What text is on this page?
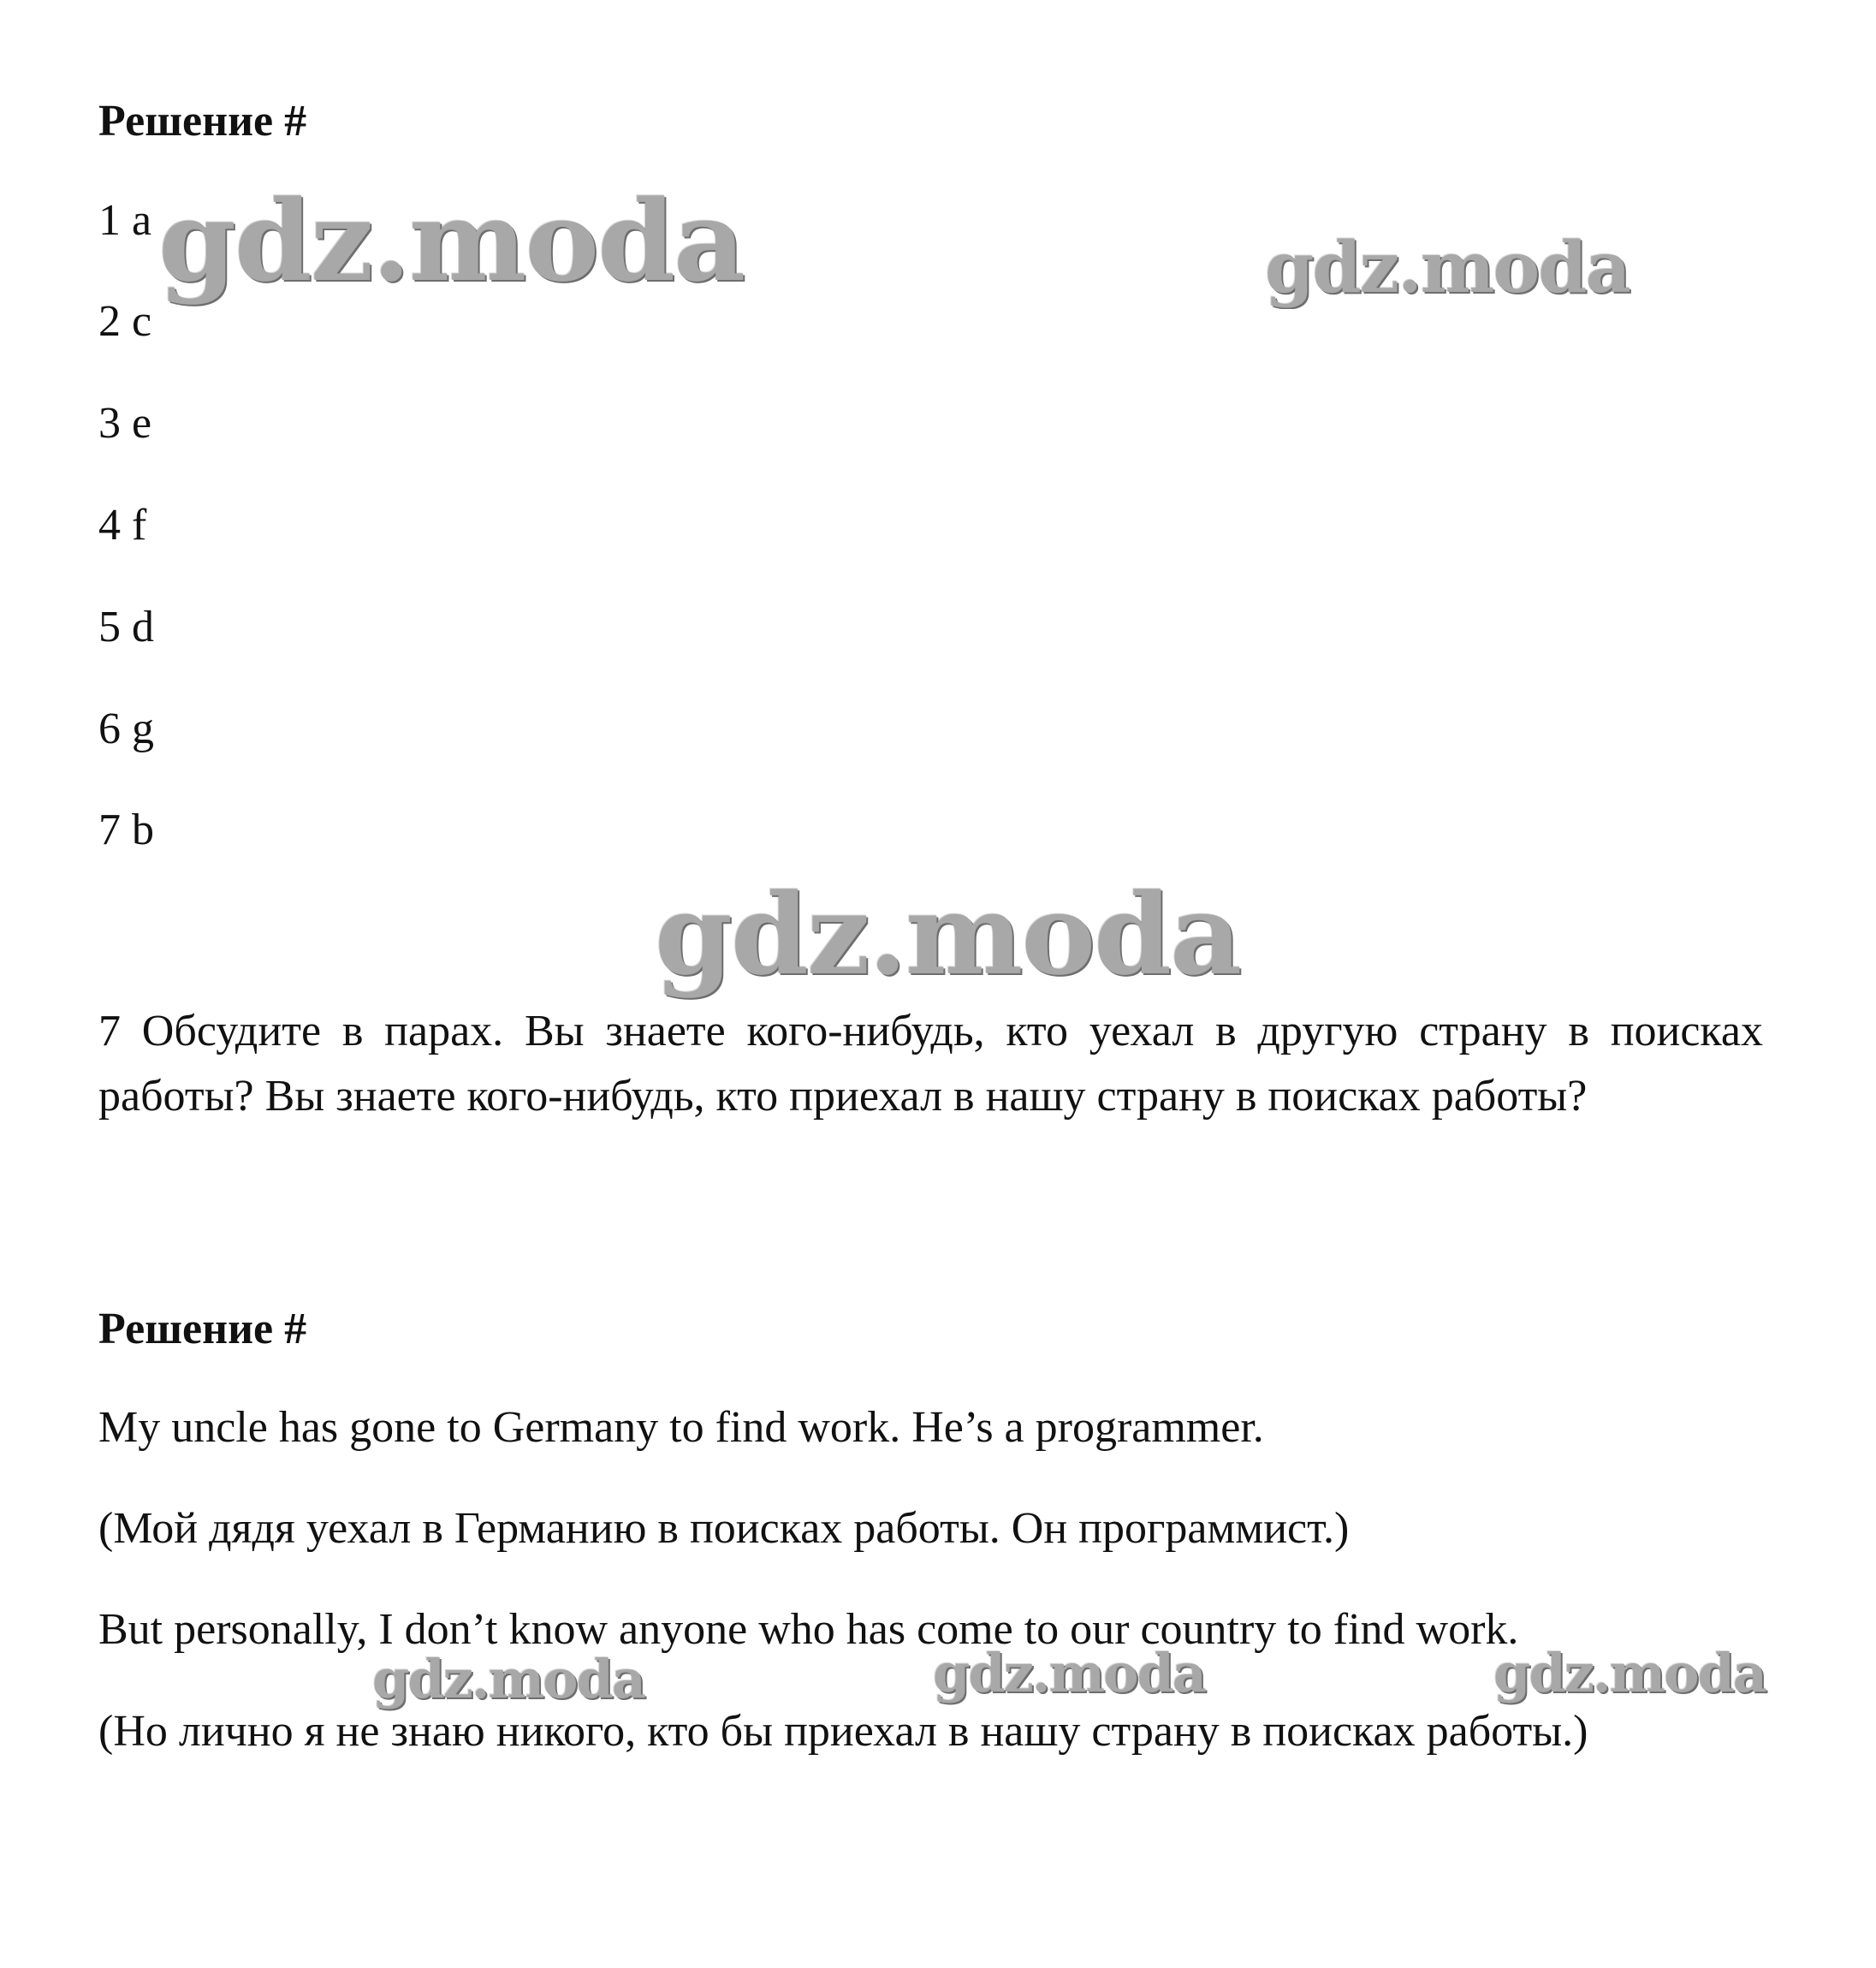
Решение #
1 a
2 c
3 e
4 f
5 d
6 g
7 b
7 Обсудите в парах. Вы знаете кого-нибудь, кто уехал в другую страну в поисках работы? Вы знаете кого-нибудь, кто приехал в нашу страну в поисках работы?
Решение #
My uncle has gone to Germany to find work. He’s a programmer.
(Мой дядя уехал в Германию в поисках работы. Он программист.)
But personally, I don’t know anyone who has come to our country to find work.
(Но лично я не знаю никого, кто бы приехал в нашу страну в поисках работы.)
gdz.moda	gdz.moda
gdz.moda
gdz.moda	gdz.moda	gdz.moda
